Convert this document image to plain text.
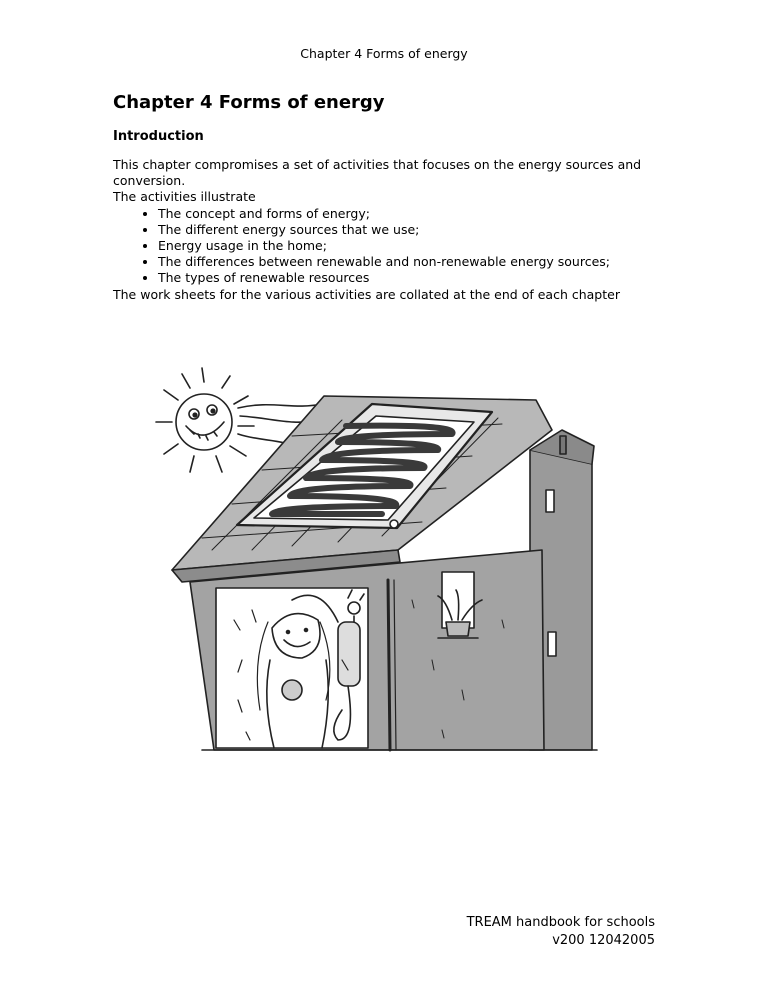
Chapter 4 Forms of energy
Chapter 4 Forms of energy
Introduction

This chapter compromises a set of activities that focuses on the energy sources and conversion.

The activities illustrate

• The concept and forms of energy;
• The different energy sources that we use;
• Energy usage in the home;
• The differences between renewable and non-renewable energy sources;
• The types of renewable resources

The work sheets for the various activities are collated at the end of each chapter

TREAM handbook for schools
v200 12042005
